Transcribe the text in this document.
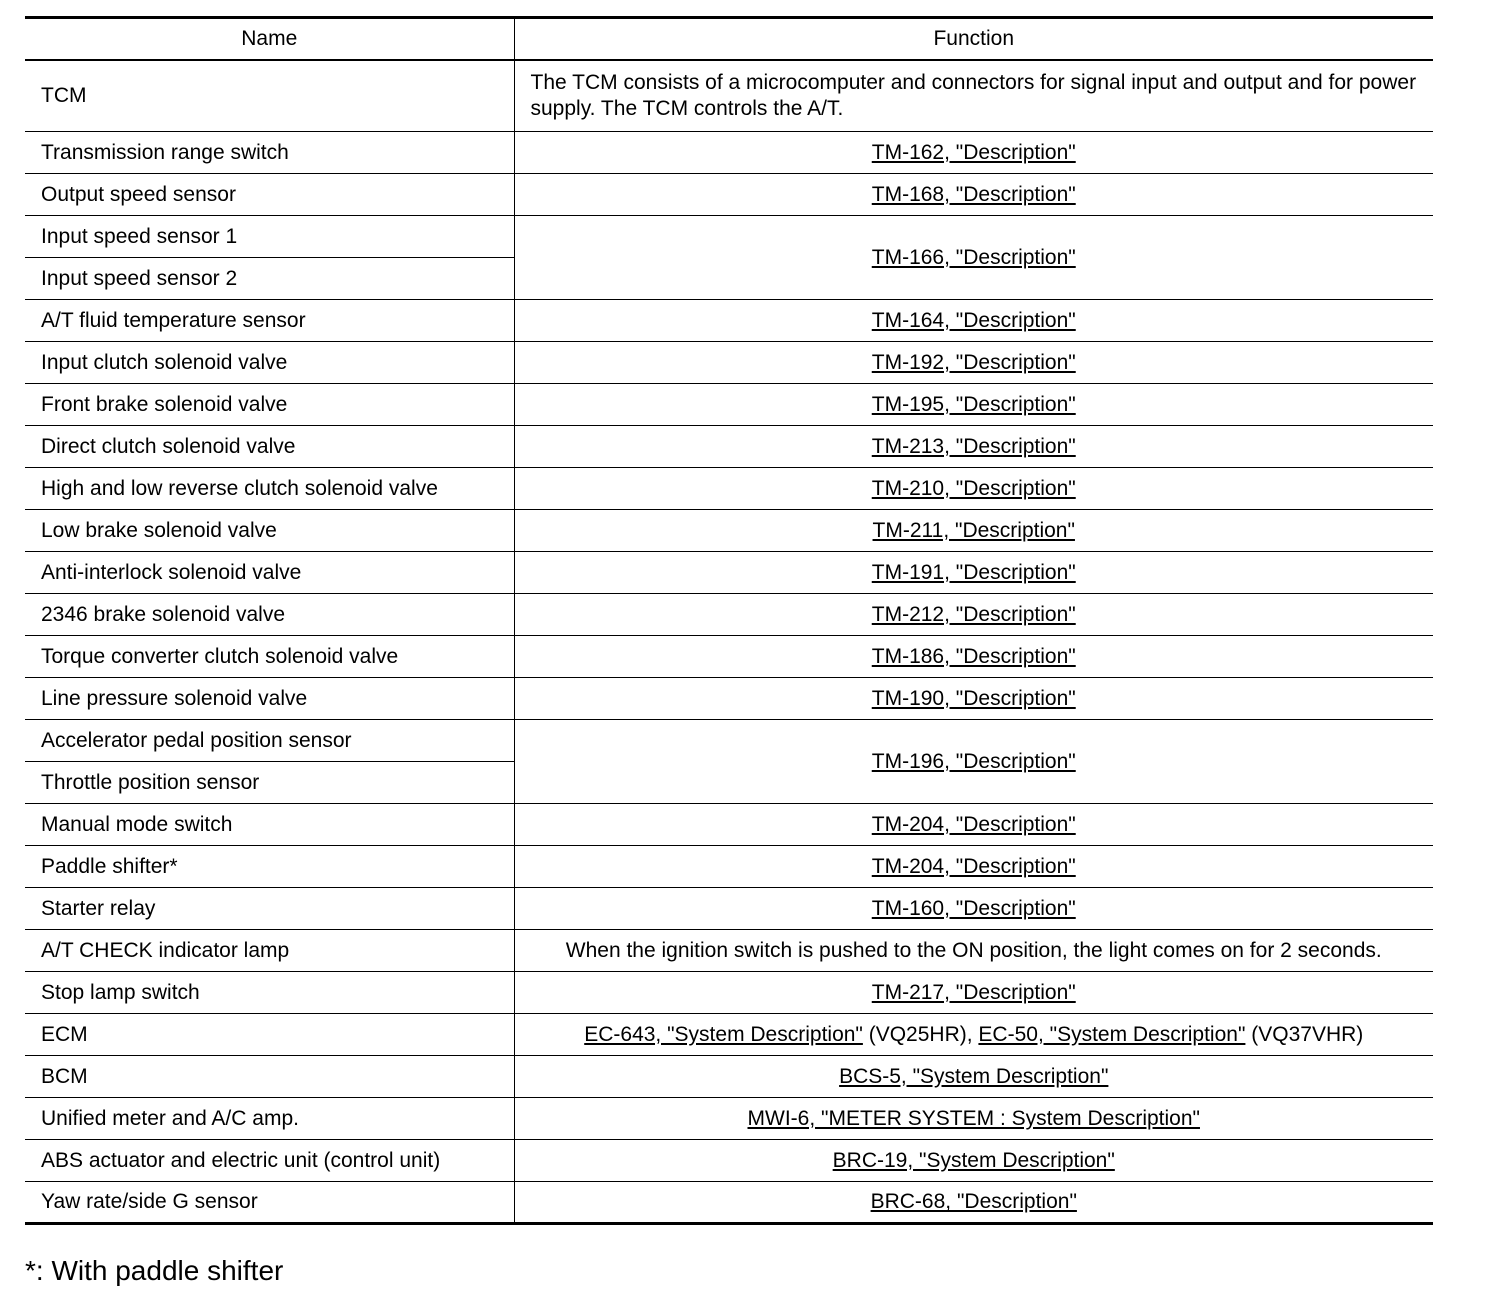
Name	Function
TCM	The TCM consists of a microcomputer and connectors for signal input and output and for power supply. The TCM controls the A/T.
Transmission range switch	TM-162, "Description"
Output speed sensor	TM-168, "Description"
Input speed sensor 1	TM-166, "Description"
Input speed sensor 2	
A/T fluid temperature sensor	TM-164, "Description"
Input clutch solenoid valve	TM-192, "Description"
Front brake solenoid valve	TM-195, "Description"
Direct clutch solenoid valve	TM-213, "Description"
High and low reverse clutch solenoid valve	TM-210, "Description"
Low brake solenoid valve	TM-211, "Description"
Anti-interlock solenoid valve	TM-191, "Description"
2346 brake solenoid valve	TM-212, "Description"
Torque converter clutch solenoid valve	TM-186, "Description"
Line pressure solenoid valve	TM-190, "Description"
Accelerator pedal position sensor	TM-196, "Description"
Throttle position sensor	
Manual mode switch	TM-204, "Description"
Paddle shifter*	TM-204, "Description"
Starter relay	TM-160, "Description"
A/T CHECK indicator lamp	When the ignition switch is pushed to the ON position, the light comes on for 2 seconds.
Stop lamp switch	TM-217, "Description"
ECM	EC-643, "System Description" (VQ25HR), EC-50, "System Description" (VQ37VHR)
BCM	BCS-5, "System Description"
Unified meter and A/C amp.	MWI-6, "METER SYSTEM : System Description"
ABS actuator and electric unit (control unit)	BRC-19, "System Description"
Yaw rate/side G sensor	BRC-68, "Description"
*: With paddle shifter
